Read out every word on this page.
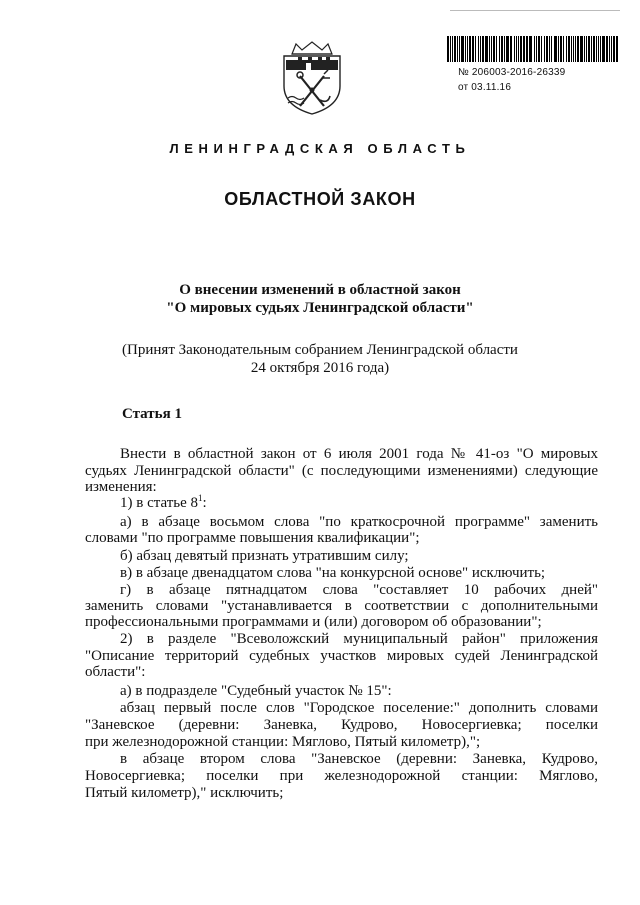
№ 206003-2016-26339
от 03.11.16
ЛЕНИНГРАДСКАЯ ОБЛАСТЬ
ОБЛАСТНОЙ ЗАКОН
О внесении изменений в областной закон
"О мировых судьях Ленинградской области"
(Принят Законодательным собранием Ленинградской области
24 октября 2016 года)
Статья 1
Внести в областной закон от 6 июля 2001 года № 41-оз "О мировых
судьях Ленинградской области" (с последующими изменениями) следующие
изменения:
1) в статье $8^1$:
а) в абзаце восьмом слова "по краткосрочной программе" заменить
словами "по программе повышения квалификации";
б) абзац девятый признать утратившим силу;
в) в абзаце двенадцатом слова "на конкурсной основе" исключить;
г) в абзаце пятнадцатом слова "составляет 10 рабочих дней"
заменить словами "устанавливается в соответствии с дополнительными
профессиональными программами и (или) договором об образовании";
2) в разделе "Всеволожский муниципальный район" приложения
"Описание территорий судебных участков мировых судей Ленинградской
области":
а) в подразделе "Судебный участок № 15":
абзац первый после слов "Городское поселение:" дополнить словами
"Заневское (деревни: Заневка, Кудрово, Новосергиевка; поселки
при железнодорожной станции: Мяглово, Пятый километр),";
в абзаце втором слова "Заневское (деревни: Заневка, Кудрово,
Новосергиевка; поселки при железнодорожной станции: Мяглово,
Пятый километр)," исключить;
